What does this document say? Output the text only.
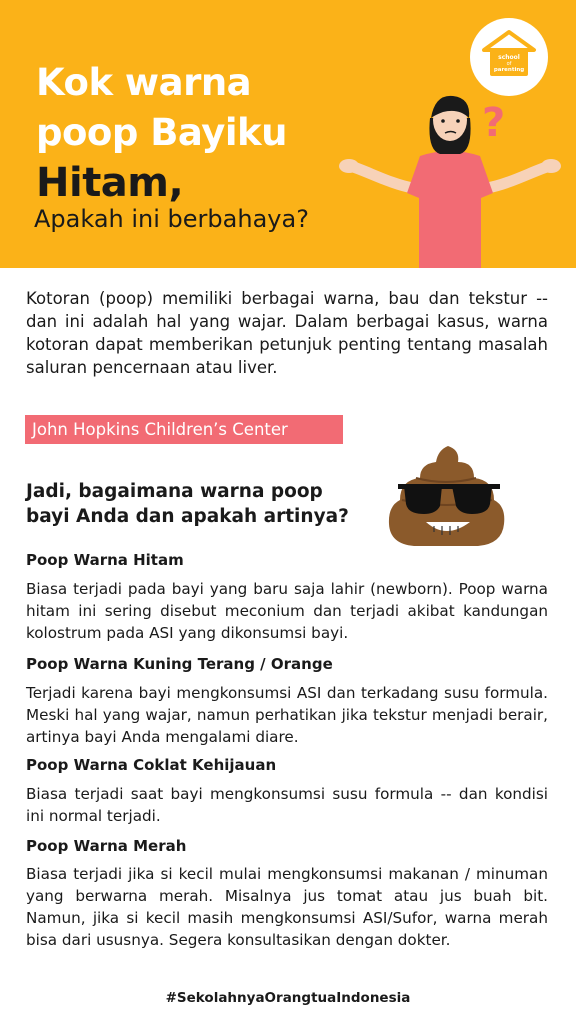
Kok warna
poop Bayiku
Hitam,
Apakah ini berbahaya?
school
of
parenting
?
Kotoran (poop) memiliki berbagai warna, bau dan tekstur -- dan ini adalah hal yang wajar. Dalam berbagai kasus, warna kotoran dapat memberikan petunjuk penting tentang masalah saluran pencernaan atau liver.
John Hopkins Children’s Center
Jadi, bagaimana warna poop
bayi Anda dan apakah artinya?
Poop Warna Hitam
Biasa terjadi pada bayi yang baru saja lahir (newborn). Poop warna hitam ini sering disebut meconium dan terjadi akibat kandungan kolostrum pada ASI yang dikonsumsi bayi.
Poop Warna Kuning Terang / Orange
Terjadi karena bayi mengkonsumsi ASI dan terkadang susu formula. Meski hal yang wajar, namun perhatikan jika tekstur menjadi berair, artinya bayi Anda mengalami diare.
Poop Warna Coklat Kehijauan
Biasa terjadi saat bayi mengkonsumsi susu formula -- dan kondisi ini normal terjadi.
Poop Warna Merah
Biasa terjadi jika si kecil mulai mengkonsumsi makanan / minuman yang berwarna merah. Misalnya jus tomat atau jus buah bit. Namun, jika si kecil masih mengkonsumsi ASI/Sufor, warna merah bisa dari ususnya. Segera konsultasikan dengan dokter.
#SekolahnyaOrangtuaIndonesia
